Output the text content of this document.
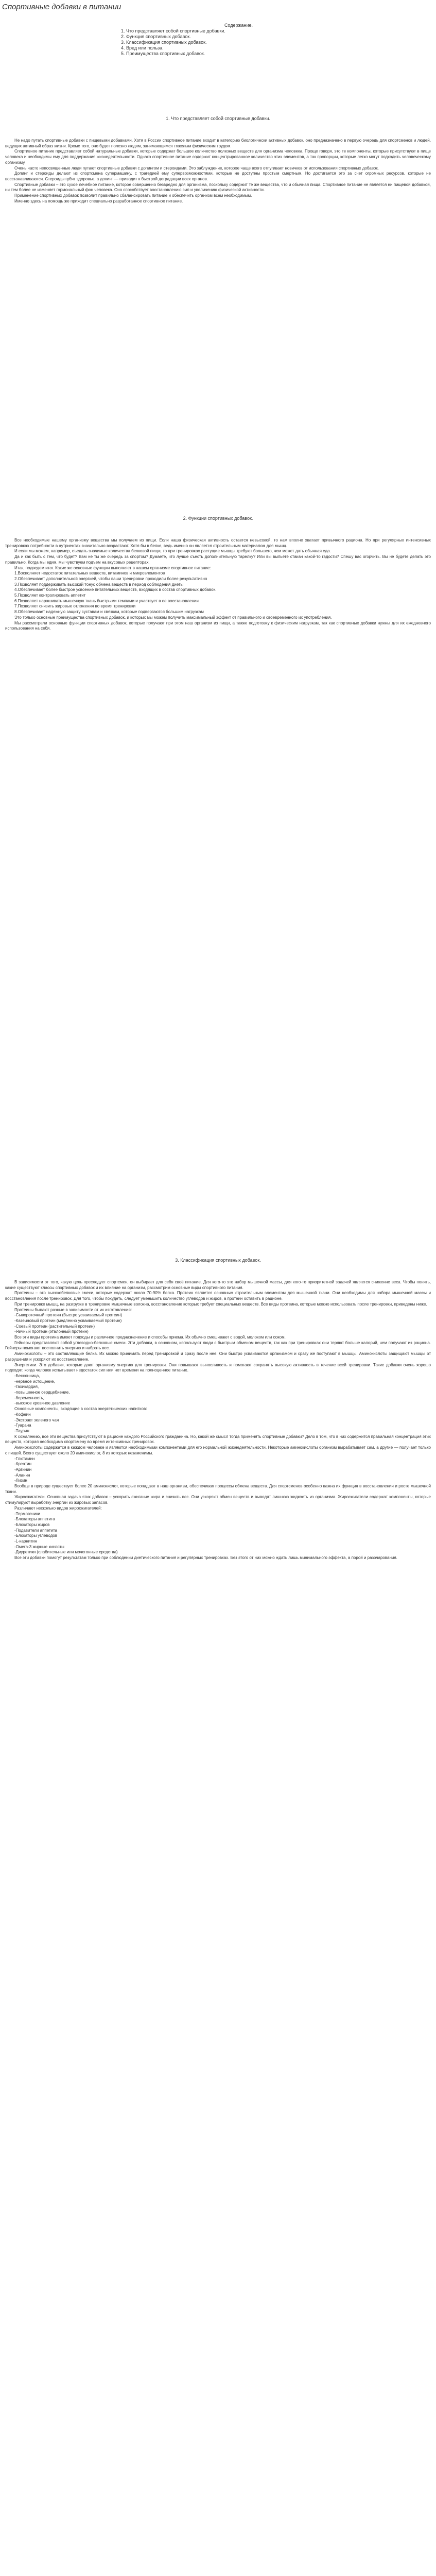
Спортивные добавки в питании
Содержание.
1. Что представляет собой спортивные добавки.
2. Функция спортивных добавок.
3. Классификация спортивных добавок.
4. Вред или польза.
5. Преимущества спортивных добавок.
1. Что представляет собой спортивные добавки.

Не надо путать спортивные добавки с пищевыми добавками. Хотя в России спортивное питание входит в категорию биологически активных добавок, оно предназначено в первую очередь для спортсменов и людей, ведущих активный образ жизни. Кроме того, оно будет полезно людям, занимающимся тяжелым физическим трудом.

Спортивное питание представляет собой натуральные добавки, которые содержат большое количество полезных веществ для организма человека. Проще говоря, это те компоненты, которые присутствуют в пище человека и необходимы ему для поддержания жизнедеятельности. Однако спортивное питание содержит концентрированное количество этих элементов, а так пропорции, которые легко могут подходить человеческому организму.

Очень часто непосвященные люди путают спортивные добавки с допингом и стероидами. Это заблуждение, которое чаще всего отпугивает новичков от использования спортивных добавок.

Допинг и стероиды делают из спортсмена супермашину, с трагедией ему супервозможностями, которые не доступны простым смертным. Но достигается это за счет огромных ресурсов, которые не восстанавливаются. Стероиды губят здоровье, а допинг — приводит к быстрой деградации всех органов.

Спортивные добавки – это сухое лечебное питание, которое совершенно безвредно для организма, поскольку содержит те же вещества, что и обычная пища. Спортивное питание не является ни пищевой добавкой, ни тем более не изменяет гормональный фон человека. Оно способствует восстановлению сил и увеличению физической активности.

Применение спортивных добавок позволит правильно сбалансировать питание и обеспечить организм всем необходимым.

Именно здесь на помощь же приходит специально разработанное спортивное питание.

2. Функции спортивных добавок.

Все необходимые нашему организму вещества мы получаем из пищи. Если наша физическая активность остается невысокой, то нам вполне хватает привычного рациона. Но при регулярных интенсивных тренировках потребности в нутриентах значительно возрастают. Хотя бы в белке, ведь именно он является строительным материалом для мышц.

И если мы можем, например, съедать значимые количества белковой пищи, то при тренировках растущие мышцы требуют большего, чем может дать обычная еда.

Да и как быть с тем, что будет? Вам не ты же очередь за спортом? Думаете, что лучше съесть дополнительную тарелку? Или вы выпьете стакан какой-то гадости? Спешу вас огорчить. Вы не будете делать это правильно. Когда мы едим, мы чувствуем подъем на вкусовых рецепторах.

Итак, подведем итог. Какие же основные функции выполняет в нашем организме спортивное питание:

1.Восполняет недостаток питательных веществ, витаминов и микроэлементов

2.Обеспечивает дополнительной энергией, чтобы ваши тренировки проходили более результативно

3.Позволяет поддерживать высокий тонус обмена веществ в период соблюдения диеты

4.Обеспечивает более быстрое усвоение питательных веществ, входящих в состав спортивных добавок.

5.Позволяет контролировать аппетит

6.Позволяет нарашивать мышечную ткань быстрыми темпами и участвует в ее восстановлении

7.Позволяет снизить жировые отложения во время тренировки

8.Обеспечивает надежную защиту суставам и связкам, которые подвергаются большим нагрузкам

Это только основные преимущества спортивных добавок, и которых мы можем получить максимальный эффект от правильного и своевременного их употребления.

Мы рассмотрели основные функции спортивных добавок, которые получают при этом наш организм из пищи, а также подготовку к физическим нагрузкам, так как спортивные добавки нужны для их ежедневного использования на себя.

3. Классификация спортивных добавок.

В зависимости от того, какую цель преследует спортсмен, он выбирает для себя своё питание. Для кого-то это набор мышечной массы, для кого-то приоритетной задачей является снижение веса. Чтобы понять, какие существуют классы спортивных добавок и их влияние на организм, рассмотрим основные виды спортивного питания.

Протеины – это высокобелковые смеси, которые содержат около 70-90% белка. Протеин является основным строительным элементом для мышечной ткани. Они необходимы для набора мышечной массы и восстановления после тренировок. Для того, чтобы похудеть, следует уменьшить количество углеводов и жиров, а протеин оставить в рационе.

При тренировке мышц, на разгрузке в тренировке мышечные волокна, восстановление которых требует специальных веществ. Все виды протеина, которые можно использовать после тренировки, приведены ниже.

Протеины бывают разные в зависимости от их изготовления:

-Сывороточный протеин (быстро усваиваемый протеин)

-Казеиновый протеин (медленно усваиваемый протеин)

-Соевый протеин (растительный протеин)

-Яичный протеин (эталонный протеин)

Все эти виды протеина имеют подходы и различное предназначение и способы приема. Их обычно смешивают с водой, молоком или соком.

Гейнеры представляют собой углеводно-белковые смеси. Эти добавки, в основном, используют люди с быстрым обменом веществ, так как при тренировках они теряют больше калорий, чем получают из рациона. Гейнеры помогают восполнить энергию и набрать вес.

Аминокислоты – это составляющие белка. Их можно принимать перед тренировкой и сразу после нее. Они быстро усваиваются организмом и сразу же поступают в мышцы. Аминокислоты защищают мышцы от разрушения и ускоряют их восстановление.

Энергетики. Это добавки, которые дают организму энергию для тренировки. Они повышают выносливость и помогают сохранять высокую активность в течение всей тренировки. Такие добавки очень хорошо подходят, когда человек испытывает недостаток сил или нет времени на полноценное питание.

-Бессонница,

-нервное истощение,

-тахикардия,

-повышенное сердцебиение,

-беременность,

-высокое кровяное давление

Основные компоненты, входящие в состав энергетических напитков:

-Кофеин

-Экстракт зеленого чая

-Гуарана

-Таурин

К сожалению, все эти вещества присутствуют в рационе каждого Российского гражданина. Но, какой же смысл тогда применять спортивные добавки? Дело в том, что в них содержится правильная концентрация этих веществ, которая необходима спортсмену во время интенсивных тренировок.

Аминокислоты содержатся в каждом человеке и являются необходимыми компонентами для его нормальной жизнедеятельности. Некоторые аминокислоты организм вырабатывает сам, а другие — получает только с пищей. Всего существует около 20 аминокислот, 8 из которых незаменимы.

-Глютамин

-Креатин

-Аргинин

-Аланин

-Лизин

Вообще в природе существует более 20 аминокислот, которые попадают в наш организм, обеспечивая процессы обмена веществ. Для спортсменов особенно важна их функция в восстановлении и росте мышечной ткани.

Жиросжигатели. Основная задача этих добавок – ускорить сжигание жира и снизить вес. Они ускоряют обмен веществ и выводят лишнюю жидкость из организма. Жиросжигатели содержат компоненты, которые стимулируют выработку энергии из жировых запасов.

Различают несколько видов жиросжигателей:

-Термогеники

-Блокаторы аппетита

-Блокаторы жиров

-Подавители аппетита

-Блокаторы углеводов

-L-карнитин

-Омега-3 жирные кислоты

-Диуретики (слабительные или мочегонные средства)

Все эти добавки помогут результатам только при соблюдении диетического питания и регулярных тренировках. Без этого от них можно ждать лишь минимального эффекта, а порой и разочарования.
